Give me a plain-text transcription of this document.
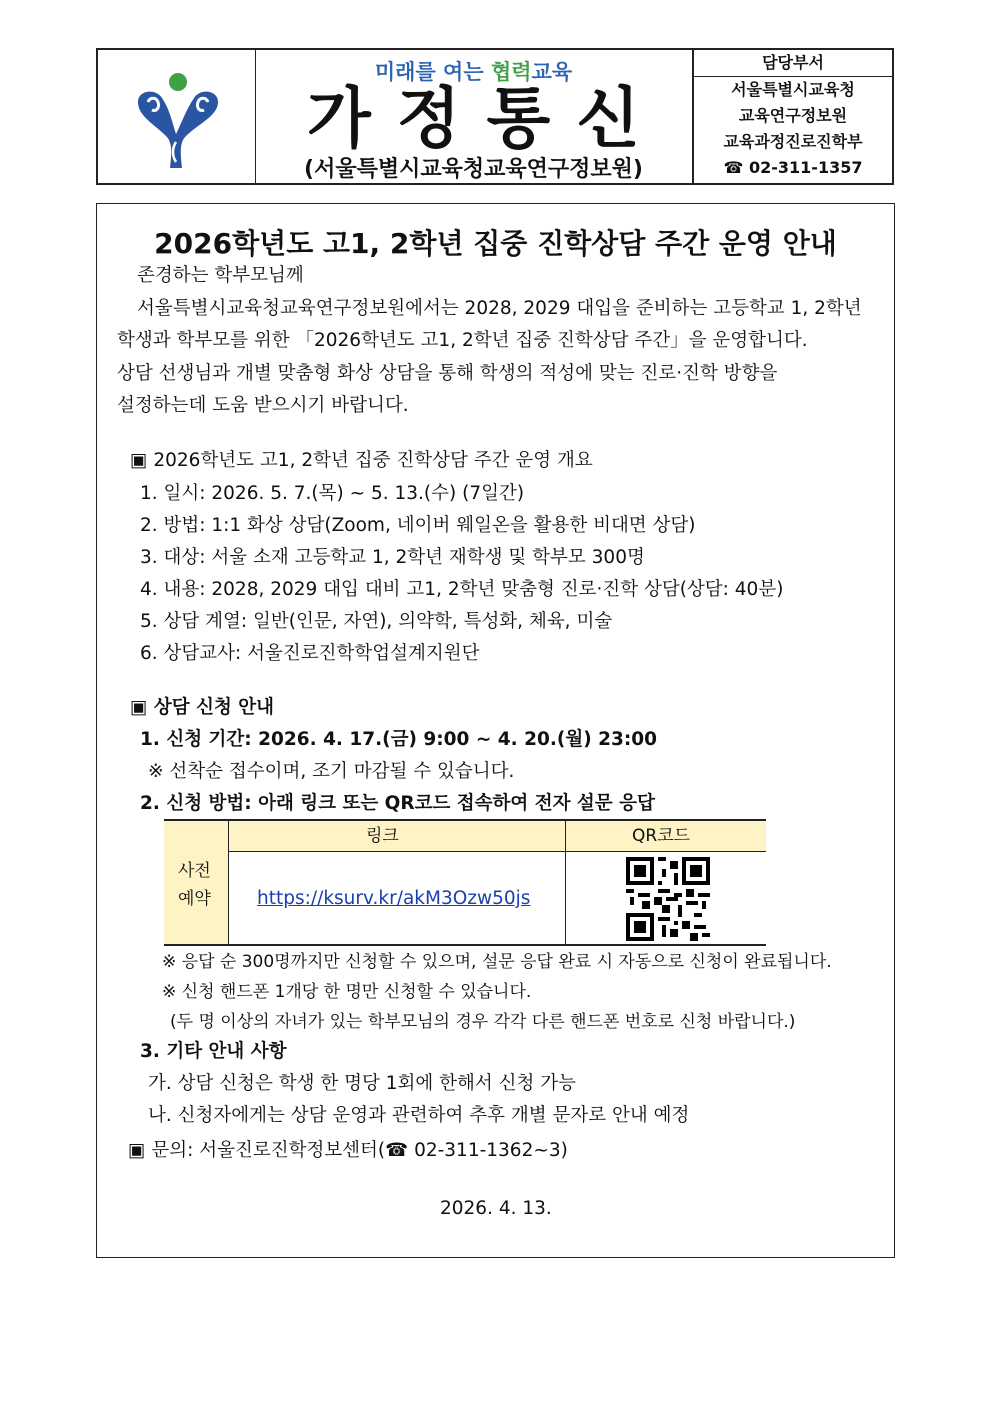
미래를 여는 협력교육
가정통신
(서울특별시교육청교육연구정보원)
담당부서
서울특별시교육청
교육연구정보원
교육과정진로진학부
☎ 02-311-1357
2026학년도 고1, 2학년 집중 진학상담 주간 운영 안내
존경하는 학부모님께
서울특별시교육청교육연구정보원에서는 2028, 2029 대입을 준비하는 고등학교 1, 2학년
학생과 학부모를 위한 「2026학년도 고1, 2학년 집중 진학상담 주간」을 운영합니다.
상담 선생님과 개별 맞춤형 화상 상담을 통해 학생의 적성에 맞는 진로·진학 방향을
설정하는데 도움 받으시기 바랍니다.
▣ 2026학년도 고1, 2학년 집중 진학상담 주간 운영 개요
1. 일시: 2026. 5. 7.(목) ~ 5. 13.(수) (7일간)
2. 방법: 1:1 화상 상담(Zoom, 네이버 웨일온을 활용한 비대면 상담)
3. 대상: 서울 소재 고등학교 1, 2학년 재학생 및 학부모 300명
4. 내용: 2028, 2029 대입 대비 고1, 2학년 맞춤형 진로·진학 상담(상담: 40분)
5. 상담 계열: 일반(인문, 자연), 의약학, 특성화, 체육, 미술
6. 상담교사: 서울진로진학학업설계지원단
▣ 상담 신청 안내
1. 신청 기간: 2026. 4. 17.(금) 9:00 ~ 4. 20.(월) 23:00
※ 선착순 접수이며, 조기 마감될 수 있습니다.
2. 신청 방법: 아래 링크 또는 QR코드 접속하여 전자 설문 응답
사전
예약
링크	QR코드
https://ksurv.kr/akM3Ozw50js
※ 응답 순 300명까지만 신청할 수 있으며, 설문 응답 완료 시 자동으로 신청이 완료됩니다.
※ 신청 핸드폰 1개당 한 명만 신청할 수 있습니다.
(두 명 이상의 자녀가 있는 학부모님의 경우 각각 다른 핸드폰 번호로 신청 바랍니다.)
3. 기타 안내 사항
가. 상담 신청은 학생 한 명당 1회에 한해서 신청 가능
나. 신청자에게는 상담 운영과 관련하여 추후 개별 문자로 안내 예정
▣ 문의: 서울진로진학정보센터(☎ 02-311-1362~3)
2026. 4. 13.
